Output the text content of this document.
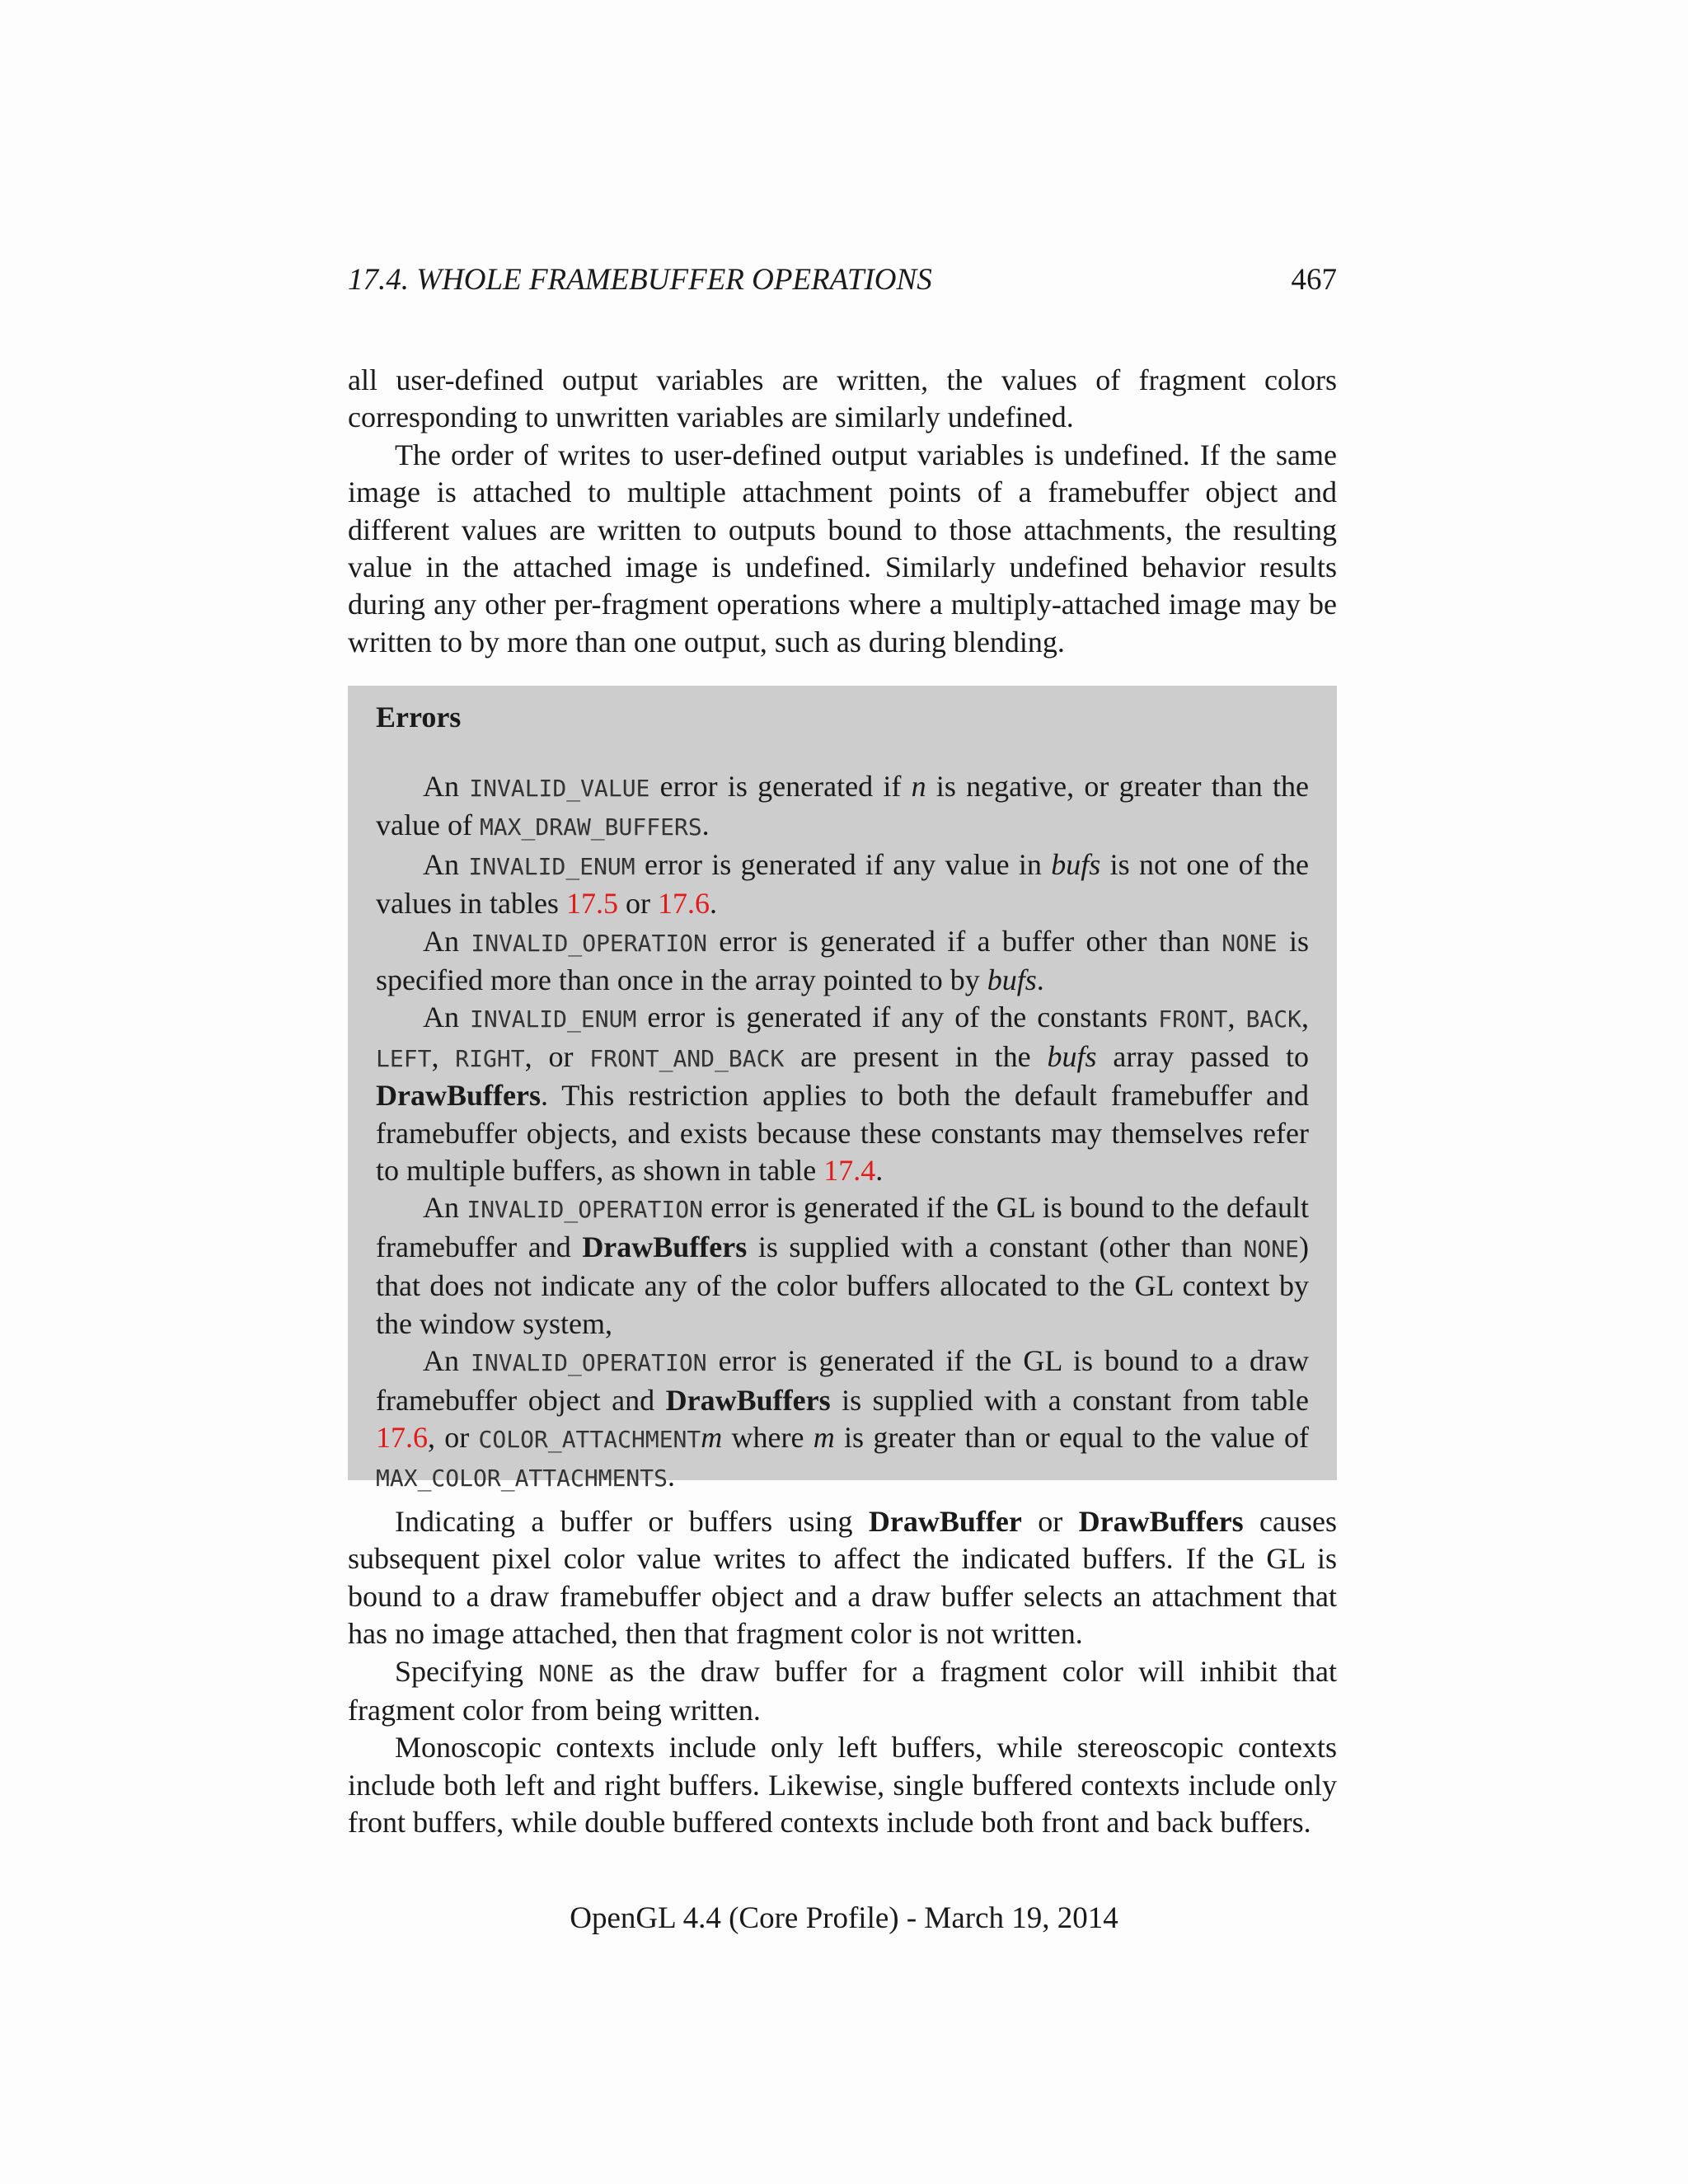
17.4. WHOLE FRAMEBUFFER OPERATIONS	467

all user-defined output variables are written, the values of fragment colors corresponding to unwritten variables are similarly undefined.

The order of writes to user-defined output variables is undefined. If the same image is attached to multiple attachment points of a framebuffer object and different values are written to outputs bound to those attachments, the resulting value in the attached image is undefined. Similarly undefined behavior results during any other per-fragment operations where a multiply-attached image may be written to by more than one output, such as during blending.

Errors

An INVALID_VALUE error is generated if n is negative, or greater than the value of MAX_DRAW_BUFFERS.

An INVALID_ENUM error is generated if any value in bufs is not one of the values in tables 17.5 or 17.6.

An INVALID_OPERATION error is generated if a buffer other than NONE is specified more than once in the array pointed to by bufs.

An INVALID_ENUM error is generated if any of the constants FRONT, BACK, LEFT, RIGHT, or FRONT_AND_BACK are present in the bufs array passed to DrawBuffers. This restriction applies to both the default framebuffer and framebuffer objects, and exists because these constants may themselves refer to multiple buffers, as shown in table 17.4.

An INVALID_OPERATION error is generated if the GL is bound to the default framebuffer and DrawBuffers is supplied with a constant (other than NONE) that does not indicate any of the color buffers allocated to the GL context by the window system,

An INVALID_OPERATION error is generated if the GL is bound to a draw framebuffer object and DrawBuffers is supplied with a constant from table 17.6, or COLOR_ATTACHMENTm where m is greater than or equal to the value of MAX_COLOR_ATTACHMENTS.

Indicating a buffer or buffers using DrawBuffer or DrawBuffers causes subsequent pixel color value writes to affect the indicated buffers. If the GL is bound to a draw framebuffer object and a draw buffer selects an attachment that has no image attached, then that fragment color is not written.

Specifying NONE as the draw buffer for a fragment color will inhibit that fragment color from being written.

Monoscopic contexts include only left buffers, while stereoscopic contexts include both left and right buffers. Likewise, single buffered contexts include only front buffers, while double buffered contexts include both front and back buffers.

OpenGL 4.4 (Core Profile) - March 19, 2014
